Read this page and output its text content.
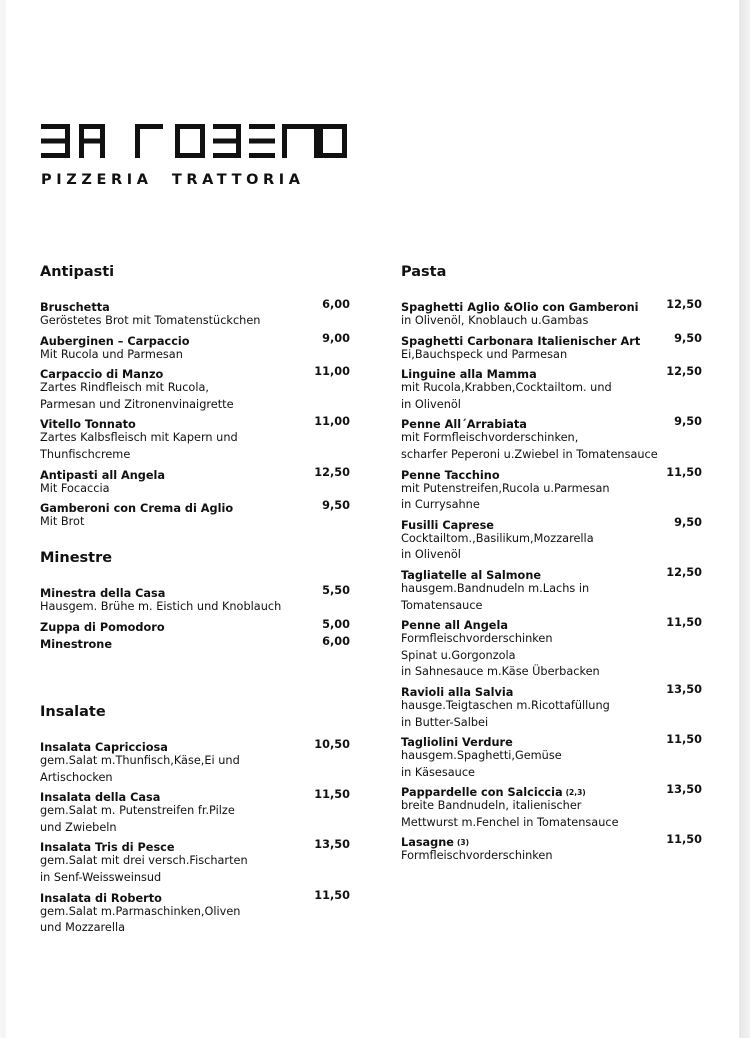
PIZZERIA  TRATTORIA
Antipasti
Bruschetta	6,00
Geröstetes Brot mit Tomatenstückchen
Auberginen – Carpaccio	9,00
Mit Rucola und Parmesan
Carpaccio di Manzo	11,00
Zartes Rindfleisch mit Rucola,
Parmesan und Zitronenvinaigrette
Vitello Tonnato	11,00
Zartes Kalbsfleisch mit Kapern und
Thunfischcreme
Antipasti all Angela	12,50
Mit Focaccia
Gamberoni con Crema di Aglio	9,50
Mit Brot
Minestre
Minestra della Casa	5,50
Hausgem. Brühe m. Eistich und Knoblauch
Zuppa di Pomodoro	5,00
Minestrone	6,00
Insalate
Insalata Capricciosa	10,50
gem.Salat m.Thunfisch,Käse,Ei und
Artischocken
Insalata della Casa	11,50
gem.Salat m. Putenstreifen fr.Pilze
und Zwiebeln
Insalata Tris di Pesce	13,50
gem.Salat mit drei versch.Fischarten
in Senf-Weissweinsud
Insalata di Roberto	11,50
gem.Salat m.Parmaschinken,Oliven
und Mozzarella
Pasta
Spaghetti Aglio &Olio con Gamberoni 12,50
in Olivenöl, Knoblauch u.Gambas
Spaghetti Carbonara Italienischer Art	9,50
Ei,Bauchspeck und Parmesan
Linguine alla Mamma	12,50
mit Rucola,Krabben,Cocktailtom. und
in Olivenöl
Penne All´Arrabiata	9,50
mit Formfleischvorderschinken,
scharfer Peperoni u.Zwiebel in Tomatensauce
Penne Tacchino	11,50
mit Putenstreifen,Rucola u.Parmesan
in Currysahne
Fusilli Caprese	9,50
Cocktailtom.,Basilikum,Mozzarella
in Olivenöl
Tagliatelle al Salmone	12,50
hausgem.Bandnudeln m.Lachs in
Tomatensauce
Penne all Angela	11,50
Formfleischvorderschinken
Spinat u.Gorgonzola
in Sahnesauce m.Käse Überbacken
Ravioli alla Salvia	13,50
hausge.Teigtaschen m.Ricottafüllung
in Butter-Salbei
Tagliolini Verdure	11,50
hausgem.Spaghetti,Gemüse
in Käsesauce
Pappardelle con Salciccia (2,3)	13,50
breite Bandnudeln, italienischer
Mettwurst m.Fenchel in Tomatensauce
Lasagne (3)	11,50
Formfleischvorderschinken
